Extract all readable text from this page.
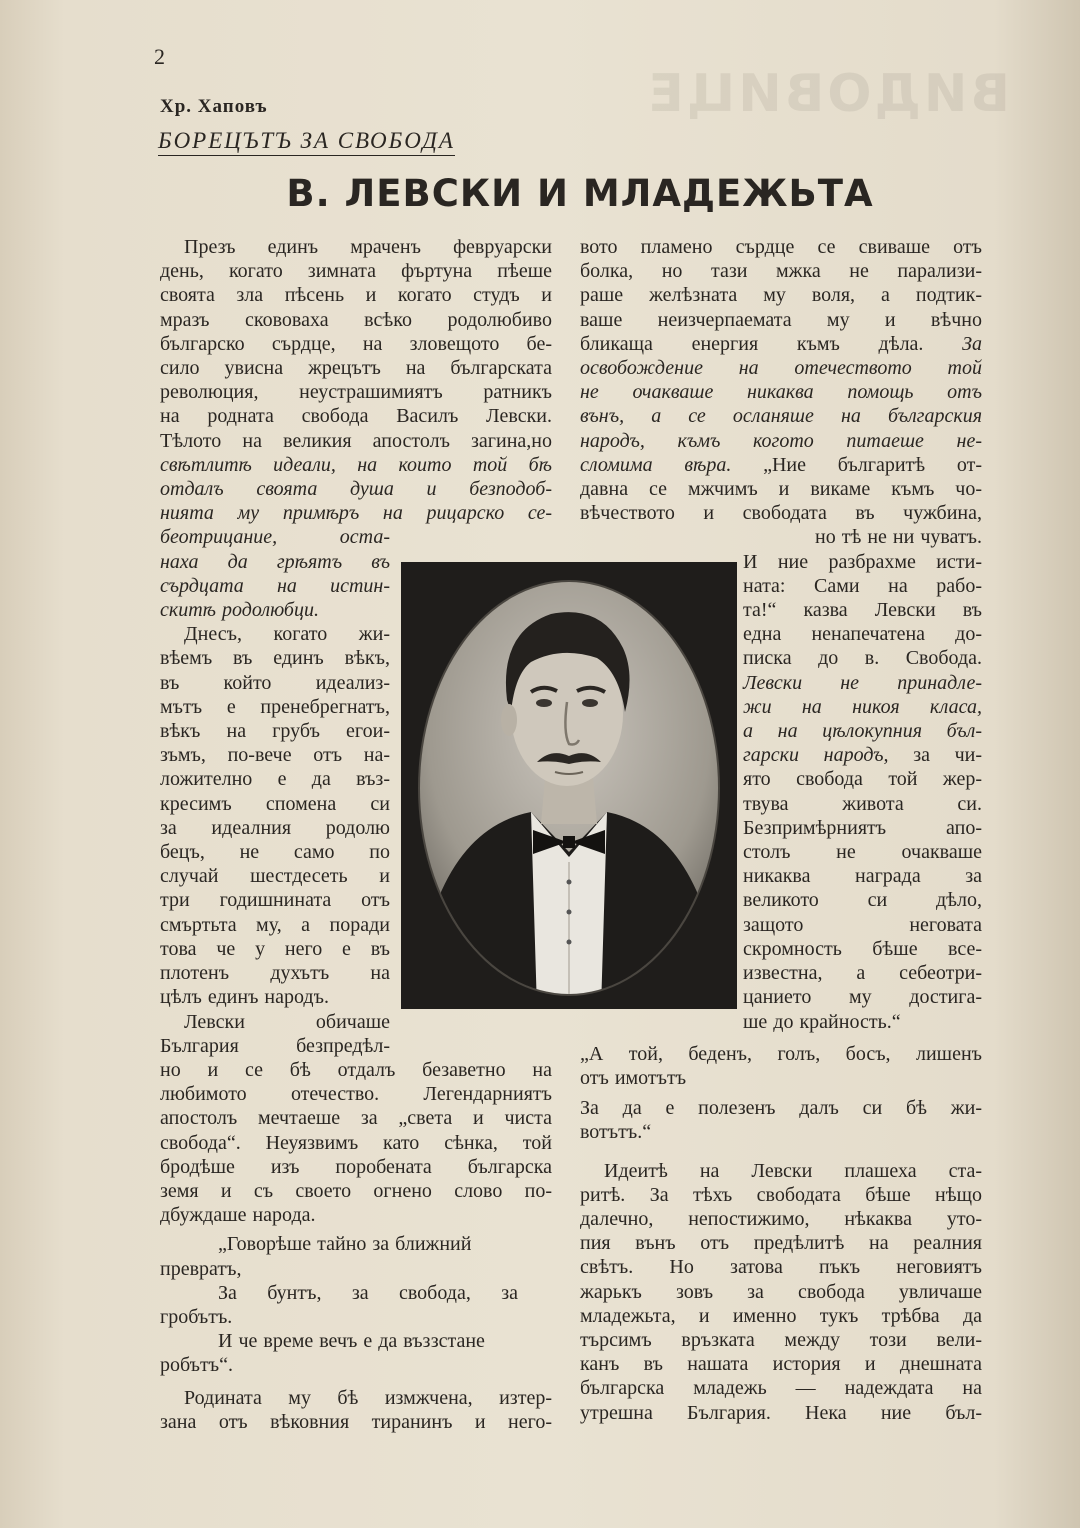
ВИДОВИЦЕ
2
Хр. Хаповъ
БОРЕЦЪТЪ ЗА СВОБОДА
В. ЛЕВСКИ И МЛАДЕЖЬТА

Презъ единъ мраченъ февруарски

день, когато зимната фъртуна пѣеше

своята зла пѣсень и когато студъ и

мразъ скововаха всѣко родолюбиво

българско сърдце, на зловещото бе-

сило увисна жрецътъ на българската

революция, неустрашимиятъ ратникъ

на родната свобода Василъ Левски.

Тѣлото на великия апостолъ загина,но

свѣтлитѣ идеали, на които той бѣ

отдалъ своята душа и безподоб-

нията му примѣръ на рицарско се-

беотрицание, оста-

наха да грѣятъ въ

сърдцата на истин-

скитѣ родолюбци.

Днесъ, когато жи-

вѣемъ въ единъ вѣкъ,

въ който идеализ-

мътъ е пренебрегнатъ,

вѣкъ на грубъ егои-

зъмъ, по-вече отъ на-

ложително е да въз-

кресимъ спомена си

за идеалния родолю

бецъ, не само по

случай шестдесеть и

три годишнината отъ

смъртьта му, а поради

това че у него е въ

плотенъ духътъ на

цѣлъ единъ народъ.

Левски обичаше

България безпредѣл-

но и се бѣ отдалъ безаветно на

любимото отечество. Легендарниятъ

апостолъ мечтаеше за „света и чиста

свобода“. Неуязвимъ като сѣнка, той

бродѣше изъ поробената българска

земя и съ своето огнено слово по-

дбуждаше народа.

„Говорѣше тайно за ближний

превратъ,

За бунтъ, за свобода, за

гробътъ.

И че време вечъ е да въззстане

робътъ“.

Родината му бѣ измжчена, изтер-

зана отъ вѣковния тиранинъ и него-

вото пламено сърдце се свиваше отъ

болка, но тази мжка не парализи-

раше желѣзната му воля, а подтик-

ваше неизчерпаемата му и вѣчно

бликаща енергия къмъ дѣла. За

освобождение на отечеството той

не очакваше никаква помощь отъ

вънъ, а се осланяше на българския

народъ, къмъ когото питаеше не-

сломима вѣра. „Ние българитѣ от-

давна се мжчимъ и викаме къмъ чо-

вѣчеството и свободата въ чужбина,

но тѣ не ни чуватъ.

И ние разбрахме исти-

ната: Сами на рабо-

та!“ казва Левски въ

една ненапечатена до-

писка до в. Свобода.

Левски не принадле-

жи на никоя класа,

а на цѣлокупния бъл-

гарски народъ, за чи-

ято свобода той жер-

твува живота си.

Безпримѣрниятъ апо-

столъ не очакваше

никаква награда за

великото си дѣло,

защото неговата

скромность бѣше все-

известна, а себеотри-

цанието му достига-

ше до крайность.“

„А той, беденъ, голъ, босъ, лишенъ

отъ имотътъ

За да е полезенъ далъ си бѣ жи-

вотътъ.“

Идеитѣ на Левски плашеха ста-

ритѣ. За тѣхъ свободата бѣше нѣщо

далечно, непостижимо, нѣкаква уто-

пия вънъ отъ предѣлитѣ на реалния

свѣтъ. Но затова пъкъ неговиятъ

жарькъ зовъ за свобода увличаше

младежьта, и именно тукъ трѣбва да

търсимъ връзката между този вели-

канъ въ нашата история и днешната

българска младежь — надеждата на

утрешна България. Нека ние бъл-
